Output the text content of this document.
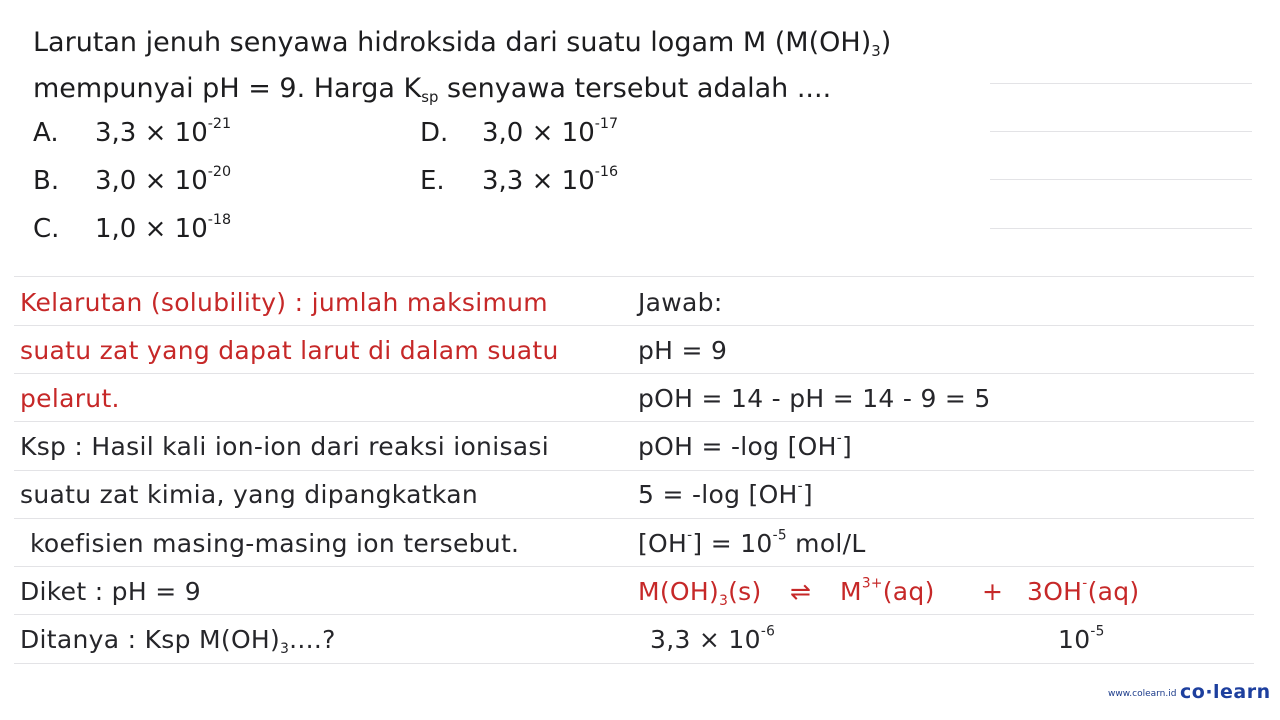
Larutan jenuh senyawa hidroksida dari suatu logam M $(M(OH)_3)$
mempunyai pH = 9. Harga $K_{sp}$ senyawa tersebut adalah ....
A. $3,3 \times 10^{-21}$
B. $3,0 \times 10^{-20}$
C. $1,0 \times 10^{-18}$
D. $3,0 \times 10^{-17}$
E. $3,3 \times 10^{-16}$
Kelarutan (solubility) : jumlah maksimum
suatu zat yang dapat larut di dalam suatu
pelarut.
Ksp : Hasil kali ion-ion dari reaksi ionisasi
suatu zat kimia, yang dipangkatkan
koefisien masing-masing ion tersebut.
Diket : pH = 9
Ditanya : Ksp $M(OH)_3$....?
Jawab:
pH = 9
pOH = 14 - pH = 14 - 9 = 5
pOH = -log [OH-]
5 = -log [OH-]
$[OH^-] = 10^{-5}$ mol/L
$M(OH)_3(s)$ ⇌ $M^{3+}(aq) + 3OH^-(aq)$
$3,3 \times 10^{-6}$	$10^{-5}$
www.colearn.id co·learn
